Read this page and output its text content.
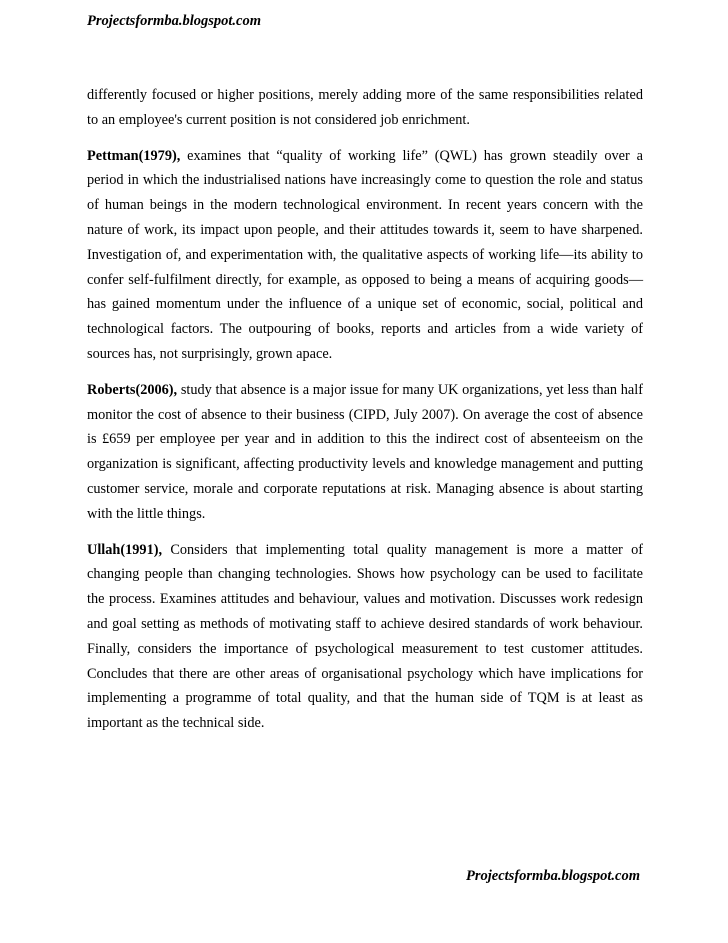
Projectsformba.blogspot.com

differently focused or higher positions, merely adding more of the same responsibilities related to an employee's current position is not considered job enrichment.

Pettman(1979), examines that “quality of working life” (QWL) has grown steadily over a period in which the industrialised nations have increasingly come to question the role and status of human beings in the modern technological environment. In recent years concern with the nature of work, its impact upon people, and their attitudes towards it, seem to have sharpened. Investigation of, and experimentation with, the qualitative aspects of working life—its ability to confer self-fulfilment directly, for example, as opposed to being a means of acquiring goods—has gained momentum under the influence of a unique set of economic, social, political and technological factors. The outpouring of books, reports and articles from a wide variety of sources has, not surprisingly, grown apace.

Roberts(2006), study that absence is a major issue for many UK organizations, yet less than half monitor the cost of absence to their business (CIPD, July 2007). On average the cost of absence is £659 per employee per year and in addition to this the indirect cost of absenteeism on the organization is significant, affecting productivity levels and knowledge management and putting customer service, morale and corporate reputations at risk. Managing absence is about starting with the little things.

Ullah(1991), Considers that implementing total quality management is more a matter of changing people than changing technologies. Shows how psychology can be used to facilitate the process. Examines attitudes and behaviour, values and motivation. Discusses work redesign and goal setting as methods of motivating staff to achieve desired standards of work behaviour. Finally, considers the importance of psychological measurement to test customer attitudes. Concludes that there are other areas of organisational psychology which have implications for implementing a programme of total quality, and that the human side of TQM is at least as important as the technical side.

Projectsformba.blogspot.com
